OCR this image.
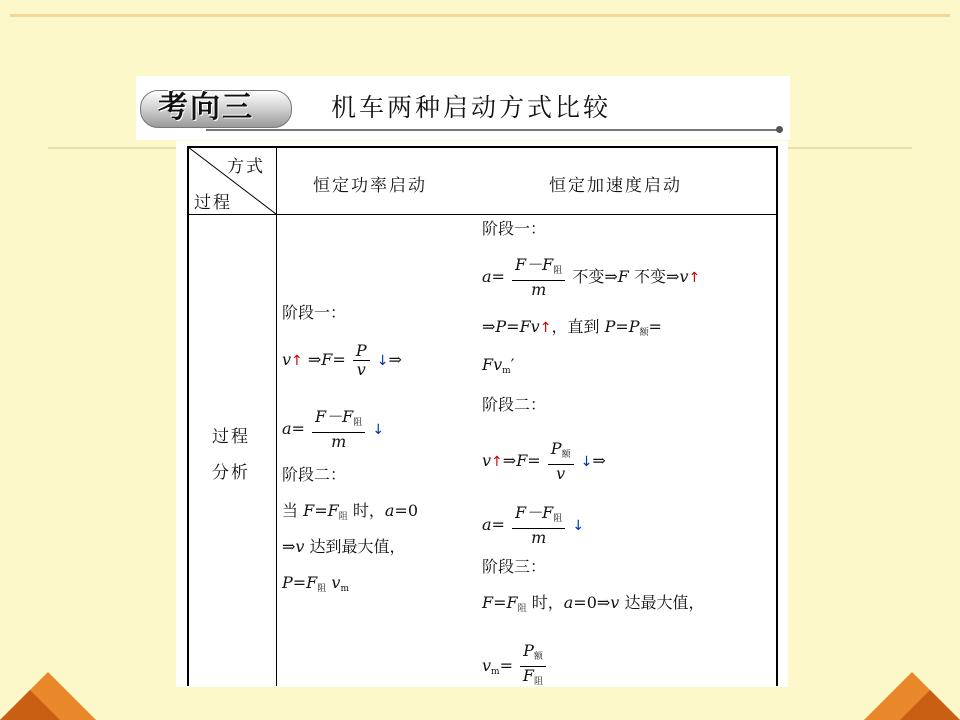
考向三	机车两种启动方式比较
方式
过程
恒定功率启动	恒定加速度启动
过程
分析
阶段一：
v↑ ⇒F= $\frac{P}{v}$ ↓⇒
$a= \frac{F-F_阻}{m}$ ↓
阶段二：
当 $F=F_阻$ 时，a=0
⇒v 达到最大值，
$P=F_阻$ $v_m$
阶段一：
$a= \frac{F-F_阻}{m}$ 不变⇒F 不变⇒v↑
⇒P=Fv↑，直到 $P=P_额=$
$Fv_m'$
阶段二：
v↑⇒F= $\frac{P_额}{v}$ ↓⇒
$a= \frac{F-F_阻}{m}$ ↓
阶段三：
$F=F_阻$ 时，a=0⇒v 达最大值，
$v_m= \frac{P_额}{F_阻}$
